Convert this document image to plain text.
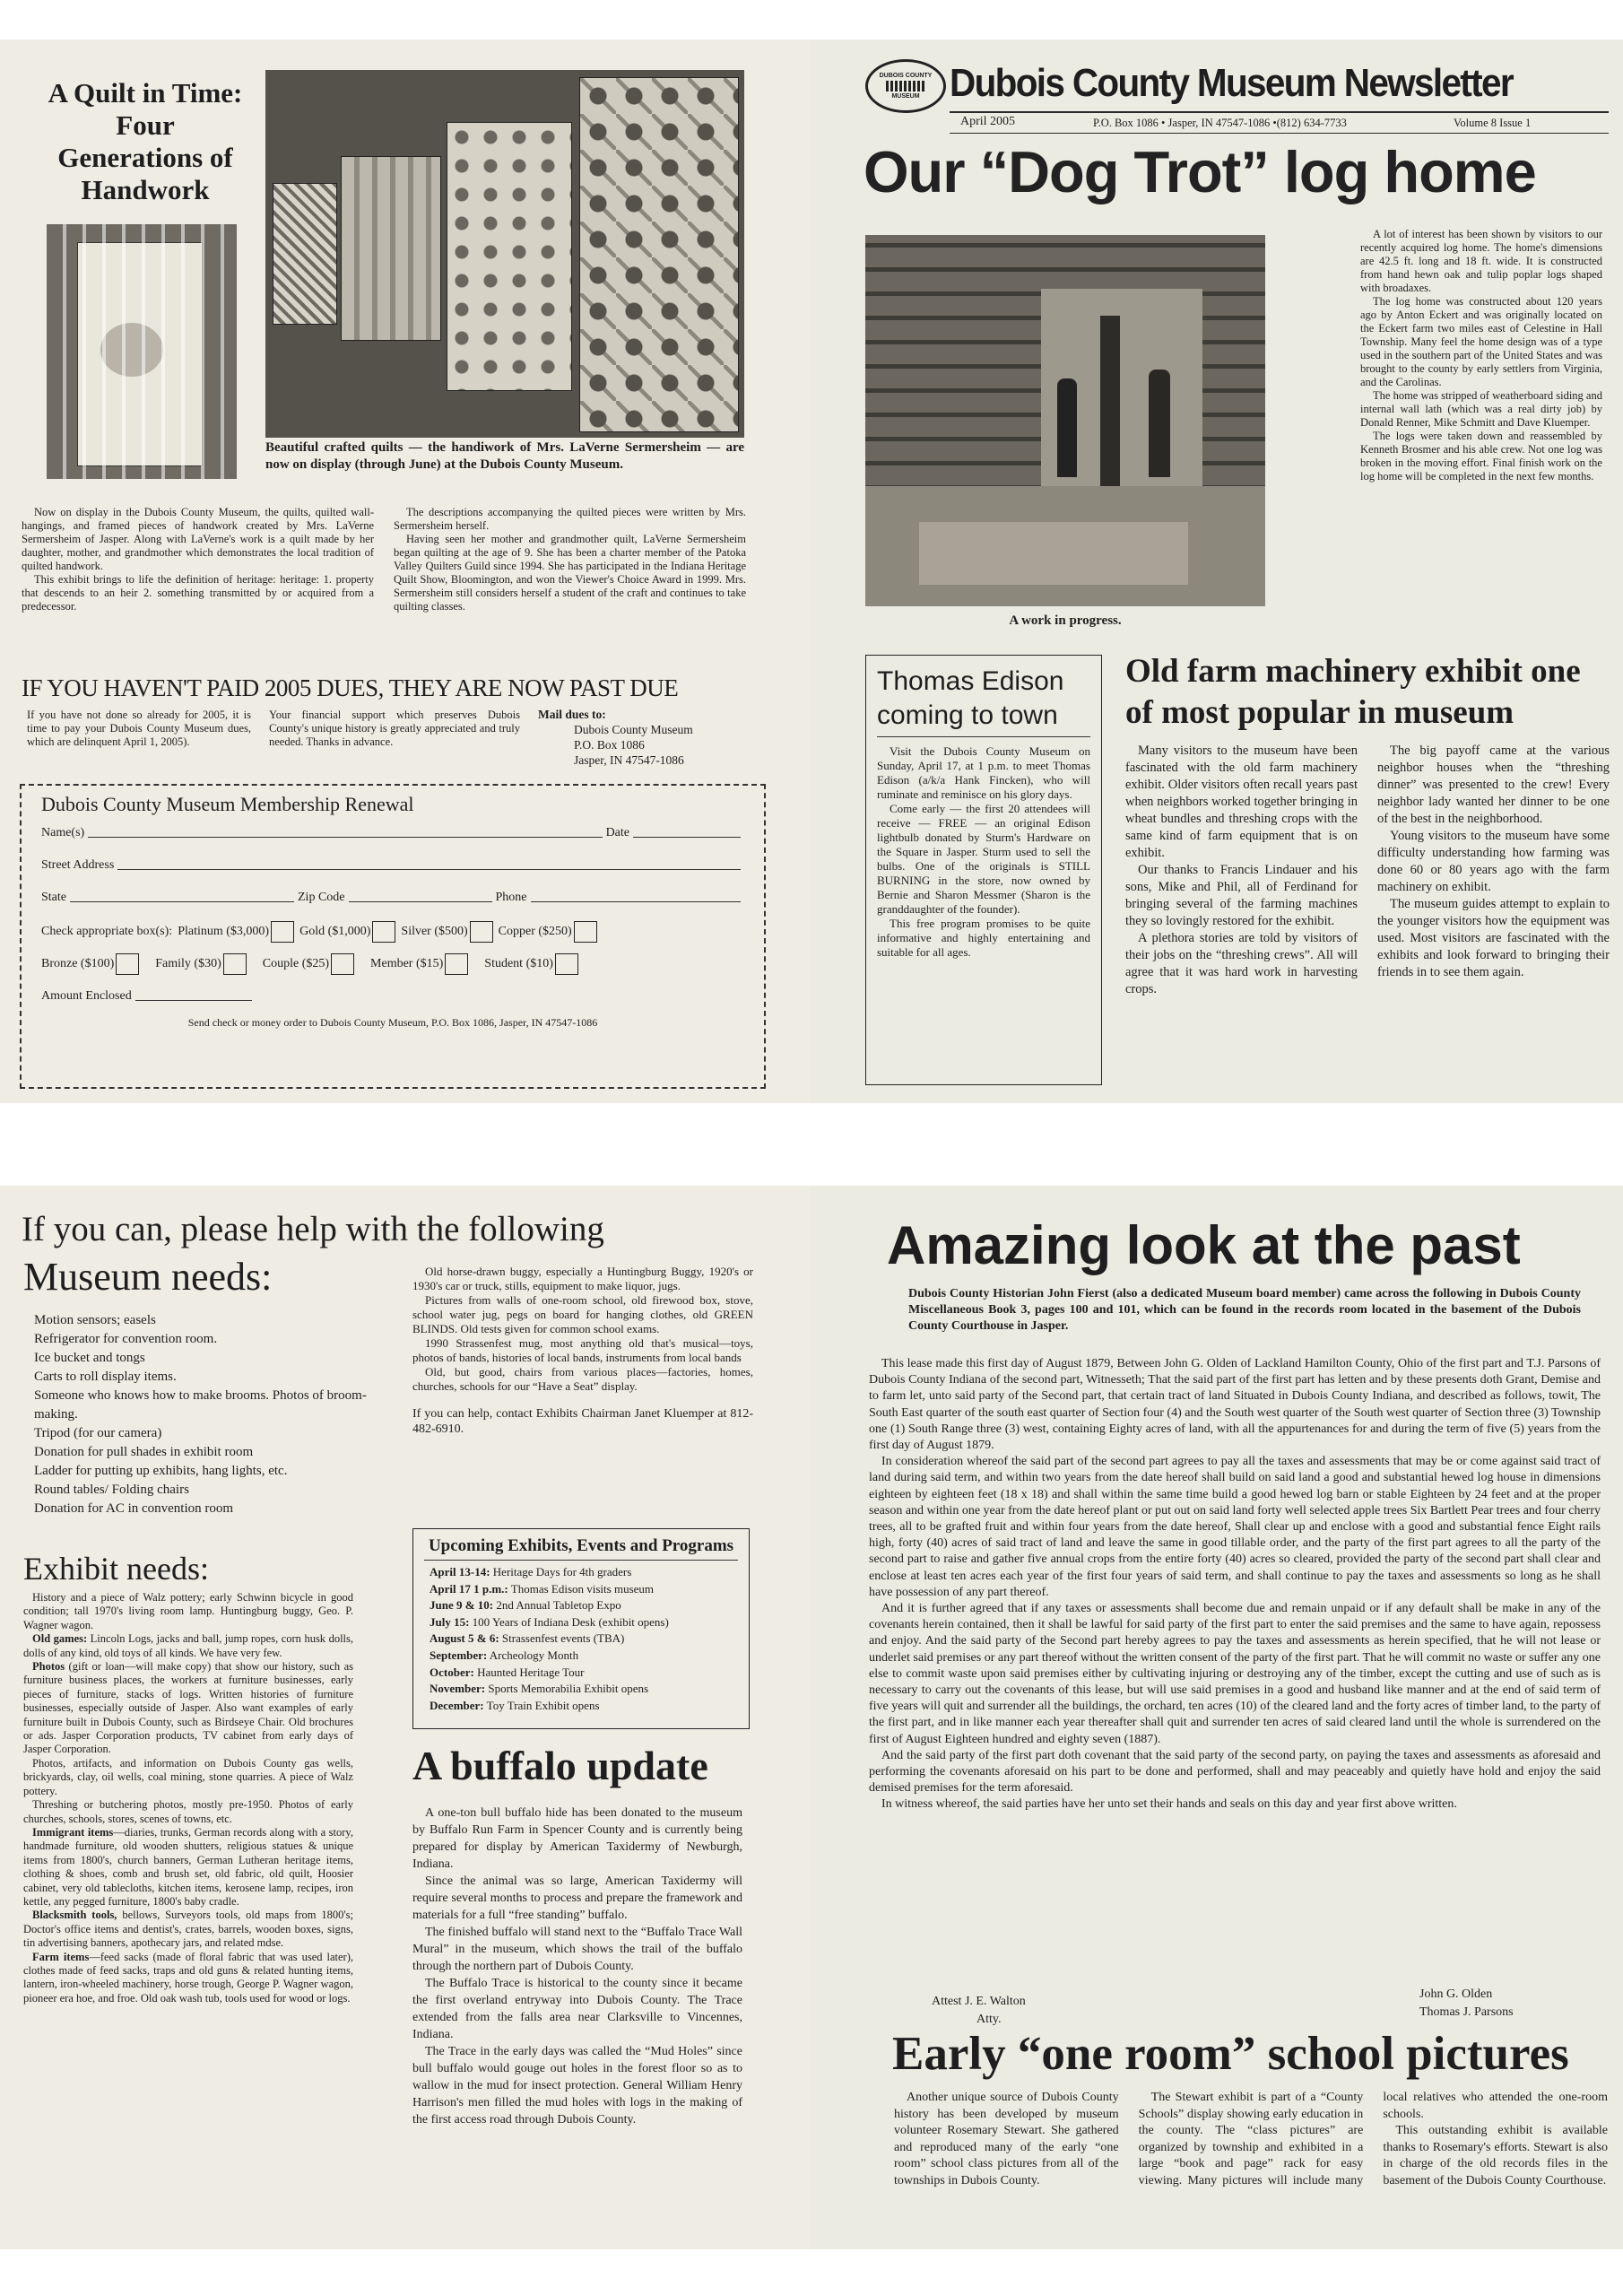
A Quilt in Time: Four Generations of Handwork
Beautiful crafted quilts — the handiwork of Mrs. LaVerne Sermersheim — are now on display (through June) at the Dubois County Museum.

Now on display in the Dubois County Museum, the quilts, quilted wall-hangings, and framed pieces of handwork created by Mrs. LaVerne Sermersheim of Jasper. Along with LaVerne's work is a quilt made by her daughter, mother, and grandmother which demonstrates the local tradition of quilted handwork.

This exhibit brings to life the definition of heritage: heritage: 1. property that descends to an heir 2. something transmitted by or acquired from a predecessor.

The descriptions accompanying the quilted pieces were written by Mrs. Sermersheim herself.

Having seen her mother and grandmother quilt, LaVerne Sermersheim began quilting at the age of 9. She has been a charter member of the Patoka Valley Quilters Guild since 1994. She has participated in the Indiana Heritage Quilt Show, Bloomington, and won the Viewer's Choice Award in 1999. Mrs. Sermersheim still considers herself a student of the craft and continues to take quilting classes.

IF YOU HAVEN'T PAID 2005 DUES, THEY ARE NOW PAST DUE
If you have not done so already for 2005, it is time to pay your Dubois County Museum dues, which are delinquent April 1, 2005).
Your financial support which preserves Dubois County's unique history is greatly appreciated and truly needed. Thanks in advance.
Mail dues to:
Dubois County Museum
P.O. Box 1086
Jasper, IN 47547-1086
Dubois County Museum Membership Renewal
Name(s)	Date
Street Address
State	Zip Code	Phone
Check appropriate box(s): Platinum ($3,000) Gold ($1,000) Silver ($500) Copper ($250)
Bronze ($100)	Family ($30)	Couple ($25)	Member ($15)	Student ($10)
Amount Enclosed
Send check or money order to Dubois County Museum, P.O. Box 1086, Jasper, IN 47547-1086
DUBOIS COUNTY
MUSEUM Dubois County Museum Newsletter
April 2005	P.O. Box 1086 • Jasper, IN 47547-1086 •(812) 634-7733	Volume 8 Issue 1
Our “Dog Trot” log home
A work in progress.

A lot of interest has been shown by visitors to our recently acquired log home. The home's dimensions are 42.5 ft. long and 18 ft. wide. It is constructed from hand hewn oak and tulip poplar logs shaped with broadaxes.

The log home was constructed about 120 years ago by Anton Eckert and was originally located on the Eckert farm two miles east of Celestine in Hall Township. Many feel the home design was of a type used in the southern part of the United States and was brought to the county by early settlers from Virginia, and the Carolinas.

The home was stripped of weatherboard siding and internal wall lath (which was a real dirty job) by Donald Renner, Mike Schmitt and Dave Kluemper.

The logs were taken down and reassembled by Kenneth Brosmer and his able crew. Not one log was broken in the moving effort. Final finish work on the log home will be completed in the next few months.

Thomas Edison coming to town

Visit the Dubois County Museum on Sunday, April 17, at 1 p.m. to meet Thomas Edison (a/k/a Hank Fincken), who will ruminate and reminisce on his glory days.

Come early — the first 20 attendees will receive — FREE — an original Edison lightbulb donated by Sturm's Hardware on the Square in Jasper. Sturm used to sell the bulbs. One of the originals is STILL BURNING in the store, now owned by Bernie and Sharon Messmer (Sharon is the granddaughter of the founder).

This free program promises to be quite informative and highly entertaining and suitable for all ages.

Old farm machinery exhibit one of most popular in museum

Many visitors to the museum have been fascinated with the old farm machinery exhibit. Older visitors often recall years past when neighbors worked together bringing in wheat bundles and threshing crops with the same kind of farm equipment that is on exhibit.

Our thanks to Francis Lindauer and his sons, Mike and Phil, all of Ferdinand for bringing several of the farming machines they so lovingly restored for the exhibit.

A plethora stories are told by visitors of their jobs on the “threshing crews”. All will agree that it was hard work in harvesting crops.

The big payoff came at the various neighbor houses when the “threshing dinner” was presented to the crew! Every neighbor lady wanted her dinner to be one of the best in the neighborhood.

Young visitors to the museum have some difficulty understanding how farming was done 60 or 80 years ago with the farm machinery on exhibit.

The museum guides attempt to explain to the younger visitors how the equipment was used. Most visitors are fascinated with the exhibits and look forward to bringing their friends in to see them again.

If you can, please help with the following
Museum needs:
Motion sensors; easels
Refrigerator for convention room.
Ice bucket and tongs
Carts to roll display items.
Someone who knows how to make brooms. Photos of broom-making.
Tripod (for our camera)
Donation for pull shades in exhibit room
Ladder for putting up exhibits, hang lights, etc.
Round tables/ Folding chairs
Donation for AC in convention room
Exhibit needs:

History and a piece of Walz pottery; early Schwinn bicycle in good condition; tall 1970's living room lamp. Huntingburg buggy, Geo. P. Wagner wagon.

Old games: Lincoln Logs, jacks and ball, jump ropes, corn husk dolls, dolls of any kind, old toys of all kinds. We have very few.

Photos (gift or loan—will make copy) that show our history, such as furniture business places, the workers at furniture businesses, early pieces of furniture, stacks of logs. Written histories of furniture businesses, especially outside of Jasper. Also want examples of early furniture built in Dubois County, such as Birdseye Chair. Old brochures or ads. Jasper Corporation products, TV cabinet from early days of Jasper Corporation.

Photos, artifacts, and information on Dubois County gas wells, brickyards, clay, oil wells, coal mining, stone quarries. A piece of Walz pottery.

Threshing or butchering photos, mostly pre-1950. Photos of early churches, schools, stores, scenes of towns, etc.

Immigrant items—diaries, trunks, German records along with a story, handmade furniture, old wooden shutters, religious statues & unique items from 1800's, church banners, German Lutheran heritage items, clothing & shoes, comb and brush set, old fabric, old quilt, Hoosier cabinet, very old tablecloths, kitchen items, kerosene lamp, recipes, iron kettle, any pegged furniture, 1800's baby cradle.

Blacksmith tools, bellows, Surveyors tools, old maps from 1800's; Doctor's office items and dentist's, crates, barrels, wooden boxes, signs, tin advertising banners, apothecary jars, and related mdse.

Farm items—feed sacks (made of floral fabric that was used later), clothes made of feed sacks, traps and old guns & related hunting items, lantern, iron-wheeled machinery, horse trough, George P. Wagner wagon, pioneer era hoe, and froe. Old oak wash tub, tools used for wood or logs.

Old horse-drawn buggy, especially a Huntingburg Buggy, 1920's or 1930's car or truck, stills, equipment to make liquor, jugs.

Pictures from walls of one-room school, old firewood box, stove, school water jug, pegs on board for hanging clothes, old GREEN BLINDS. Old tests given for common school exams.

1990 Strassenfest mug, most anything old that's musical—toys, photos of bands, histories of local bands, instruments from local bands

Old, but good, chairs from various places—factories, homes, churches, schools for our “Have a Seat” display.

If you can help, contact Exhibits Chairman Janet Kluemper at 812-482-6910.

Upcoming Exhibits, Events and Programs
April 13-14: Heritage Days for 4th graders
April 17 1 p.m.: Thomas Edison visits museum
June 9 & 10: 2nd Annual Tabletop Expo
July 15: 100 Years of Indiana Desk (exhibit opens)
August 5 & 6: Strassenfest events (TBA)
September: Archeology Month
October: Haunted Heritage Tour
November: Sports Memorabilia Exhibit opens
December: Toy Train Exhibit opens
A buffalo update

A one-ton bull buffalo hide has been donated to the museum by Buffalo Run Farm in Spencer County and is currently being prepared for display by American Taxidermy of Newburgh, Indiana.

Since the animal was so large, American Taxidermy will require several months to process and prepare the framework and materials for a full “free standing” buffalo.

The finished buffalo will stand next to the “Buffalo Trace Wall Mural” in the museum, which shows the trail of the buffalo through the northern part of Dubois County.

The Buffalo Trace is historical to the county since it became the first overland entryway into Dubois County. The Trace extended from the falls area near Clarksville to Vincennes, Indiana.

The Trace in the early days was called the “Mud Holes” since bull buffalo would gouge out holes in the forest floor so as to wallow in the mud for insect protection. General William Henry Harrison's men filled the mud holes with logs in the making of the first access road through Dubois County.

Amazing look at the past
Dubois County Historian John Fierst (also a dedicated Museum board member) came across the following in Dubois County Miscellaneous Book 3, pages 100 and 101, which can be found in the records room located in the basement of the Dubois County Courthouse in Jasper.

This lease made this first day of August 1879, Between John G. Olden of Lackland Hamilton County, Ohio of the first part and T.J. Parsons of Dubois County Indiana of the second part, Witnesseth; That the said part of the first part has letten and by these presents doth Grant, Demise and to farm let, unto said party of the Second part, that certain tract of land Situated in Dubois County Indiana, and described as follows, towit, The South East quarter of the south east quarter of Section four (4) and the South west quarter of the South west quarter of Section three (3) Township one (1) South Range three (3) west, containing Eighty acres of land, with all the appurtenances for and during the term of five (5) years from the first day of August 1879.

In consideration whereof the said part of the second part agrees to pay all the taxes and assessments that may be or come against said tract of land during said term, and within two years from the date hereof shall build on said land a good and substantial hewed log house in dimensions eighteen by eighteen feet (18 x 18) and shall within the same time build a good hewed log barn or stable Eighteen by 24 feet and at the proper season and within one year from the date hereof plant or put out on said land forty well selected apple trees Six Bartlett Pear trees and four cherry trees, all to be grafted fruit and within four years from the date hereof, Shall clear up and enclose with a good and substantial fence Eight rails high, forty (40) acres of said tract of land and leave the same in good tillable order, and the party of the first part agrees to all the party of the second part to raise and gather five annual crops from the entire forty (40) acres so cleared, provided the party of the second part shall clear and enclose at least ten acres each year of the first four years of said term, and shall continue to pay the taxes and assessments so long as he shall have possession of any part thereof.

And it is further agreed that if any taxes or assessments shall become due and remain unpaid or if any default shall be make in any of the covenants herein contained, then it shall be lawful for said party of the first part to enter the said premises and the same to have again, repossess and enjoy. And the said party of the Second part hereby agrees to pay the taxes and assessments as herein specified, that he will not lease or underlet said premises or any part thereof without the written consent of the party of the first part. That he will commit no waste or suffer any one else to commit waste upon said premises either by cultivating injuring or destroying any of the timber, except the cutting and use of such as is necessary to carry out the covenants of this lease, but will use said premises in a good and husband like manner and at the end of said term of five years will quit and surrender all the buildings, the orchard, ten acres (10) of the cleared land and the forty acres of timber land, to the party of the first part, and in like manner each year thereafter shall quit and surrender ten acres of said cleared land until the whole is surrendered on the first of August Eighteen hundred and eighty seven (1887).

And the said party of the first part doth covenant that the said party of the second party, on paying the taxes and assessments as aforesaid and performing the covenants aforesaid on his part to be done and performed, shall and may peaceably and quietly have hold and enjoy the said demised premises for the term aforesaid.

In witness whereof, the said parties have her unto set their hands and seals on this day and year first above written.

Attest J. E. Walton
Atty.
John G. Olden
Thomas J. Parsons
Early “one room” school pictures

Another unique source of Dubois County history has been developed by museum volunteer Rosemary Stewart. She gathered and reproduced many of the early “one room” school class pictures from all of the townships in Dubois County.

The Stewart exhibit is part of a “County Schools” display showing early education in the county. The “class pictures” are organized by township and exhibited in a large “book and page” rack for easy viewing. Many pictures will include many local relatives who attended the one-room schools.

This outstanding exhibit is available thanks to Rosemary's efforts. Stewart is also in charge of the old records files in the basement of the Dubois County Courthouse.
